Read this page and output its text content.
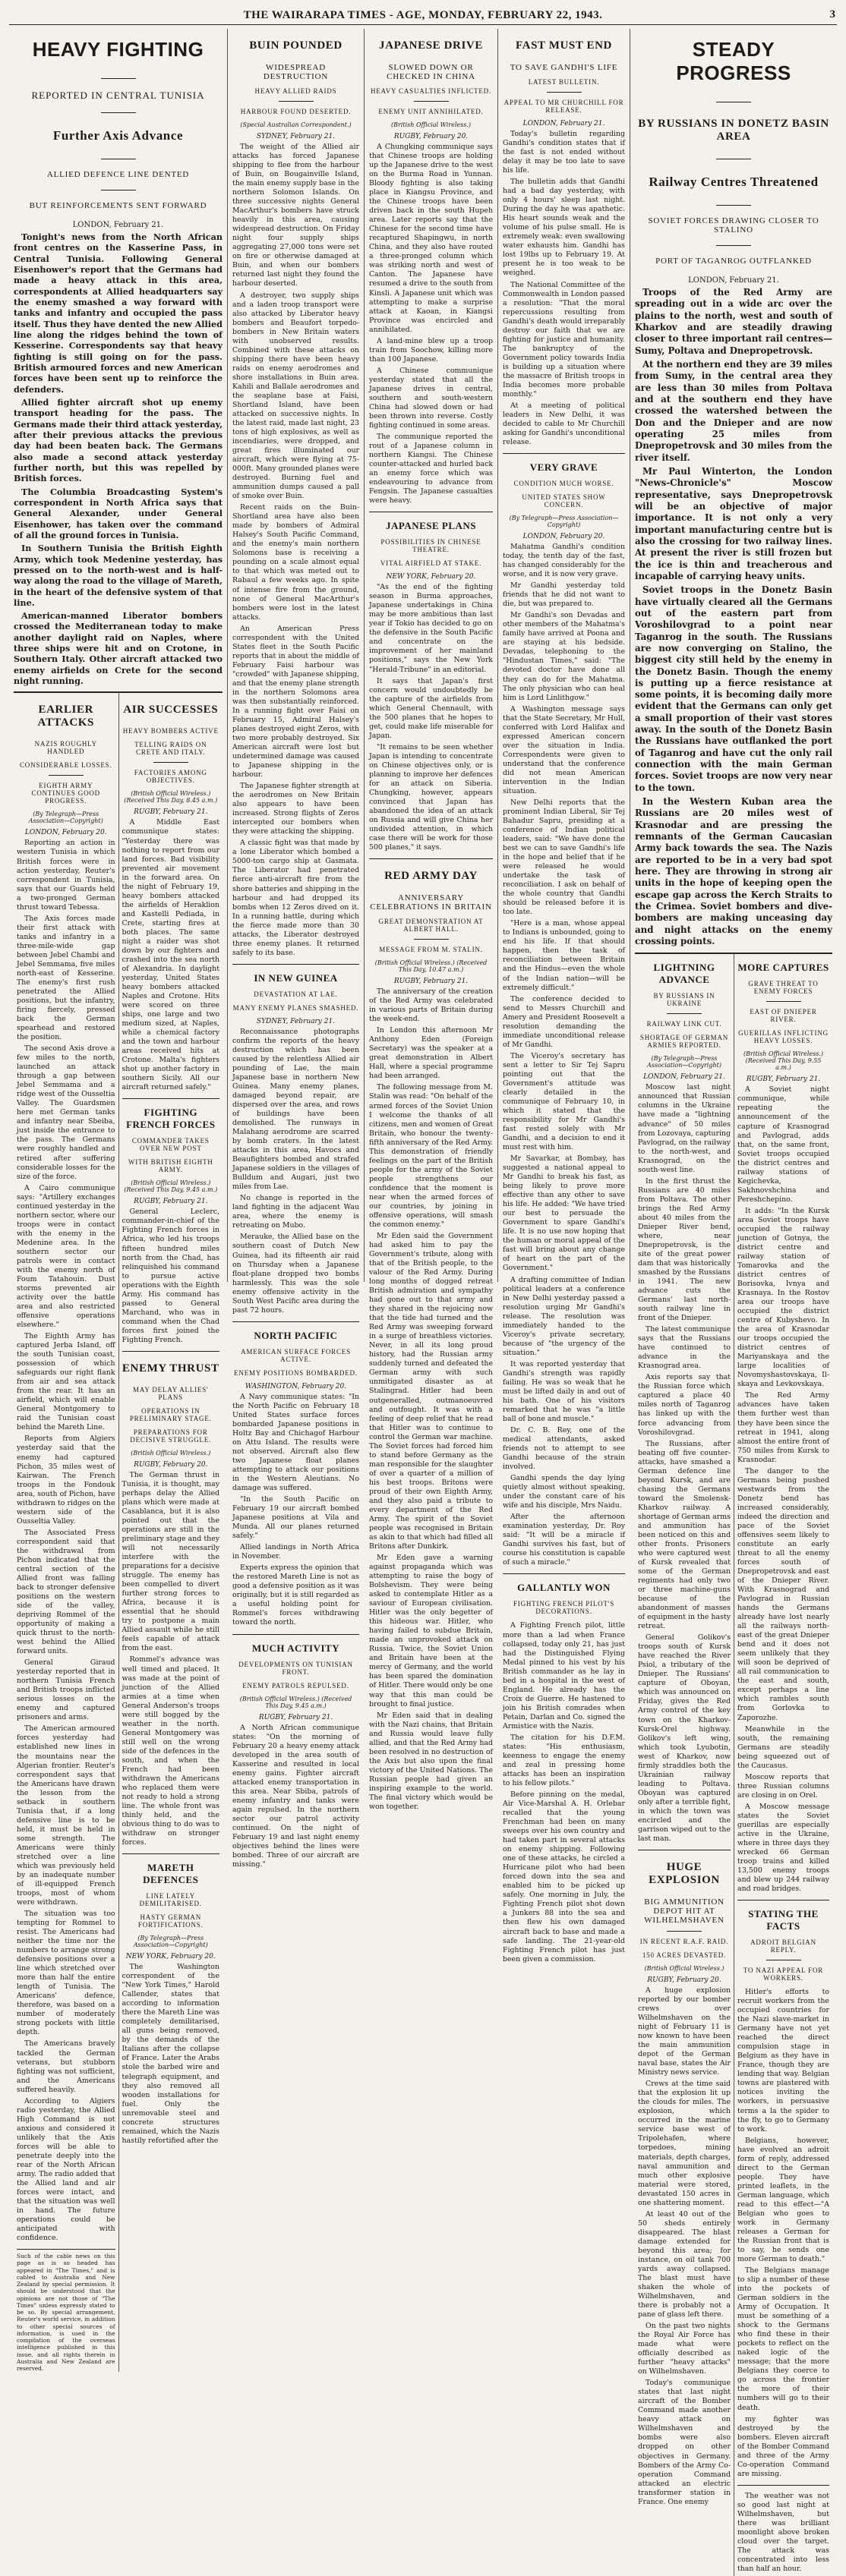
THE WAIRARAPA TIMES - AGE, MONDAY, FEBRUARY 22, 1943.	3
HEAVY FIGHTING
REPORTED IN CENTRAL TUNISIA
Further Axis Advance
ALLIED DEFENCE LINE DENTED
BUT REINFORCEMENTS SENT FORWARD
LONDON, February 21.

Tonight's news from the North African front centres on the Kasserine Pass, in Central Tunisia. Following General Eisenhower's report that the Germans had made a heavy attack in this area, correspondents at Allied headquarters say the enemy smashed a way forward with tanks and infantry and occupied the pass itself. Thus they have dented the new Allied line along the ridges behind the town of Kesserine. Correspondents say that heavy fighting is still going on for the pass. British armoured forces and new American forces have been sent up to reinforce the defenders.

Allied fighter aircraft shot up enemy transport heading for the pass. The Germans made their third attack yesterday, after their previous attacks the previous day had been beaten back. The Germans also made a second attack yesterday further north, but this was repelled by British forces.

The Columbia Broadcasting System's correspondent in North Africa says that General Alexander, under General Eisenhower, has taken over the command of all the ground forces in Tunisia.

In Southern Tunisia the British Eighth Army, which took Medenine yesterday, has pressed on to the north-west and is half-way along the road to the village of Mareth, in the heart of the defensive system of that line.

American-manned Liberator bombers crossed the Mediterranean today to make another daylight raid on Naples, where three ships were hit and on Crotone, in Southern Italy. Other aircraft attacked two enemy airfields on Crete for the second night running.

EARLIER ATTACKS
NAZIS ROUGHLY HANDLED
CONSIDERABLE LOSSES.
EIGHTH ARMY CONTINUES GOOD PROGRESS.
(By Telegraph—Press Association—Copyright)
LONDON, February 20.

Reporting an action in western Tunisia in which British forces were in action yesterday, Reuter's correspondent in Tunisia, says that our Guards held a two-pronged German thrust toward Tebessa.

The Axis forces made their first attack with tanks and infantry in a three-mile-wide gap between Jebel Chambi and Jebel Semmama, five miles north-east of Kesserine. The enemy's first rush penetrated the Allied positions, but the infantry, firing fiercely, pressed back the German spearhead and restored the position.

The second Axis drove a few miles to the north, launched an attack through a gap between Jebel Semmama and a ridge west of the Ousseltia Valley. The Guardsmen here met German tanks and infantry near Sbeiba, just inside the entrance to the pass. The Germans were roughly handled and retired after suffering considerable losses for the size of the force.

A Cairo communique says: "Artillery exchanges continued yesterday in the northern sector, where our troops were in contact with the enemy in the Medenine area. In the southern sector our patrols were in contact with the enemy north of Foum Tatahouin. Dust storms prevented air activity over the battle area and also restricted offensive operations elsewhere."

The Eighth Army has captured Jerba Island, off the south Tunisian coast, possession of which safeguards our right flank from air and sea attack from the rear. It has an airfield, which will enable General Montgomery to raid the Tunisian coast behind the Mareth Line.

Reports from Algiers yesterday said that the enemy had captured Pichon, 35 miles west of Kairwan. The French troops in the Fondouk area, south of Pichon, have withdrawn to ridges on the western side of the Ousseltia Valley.

The Associated Press correspondent said that the withdrawal from Pichon indicated that the central section of the Allied front was falling back to stronger defensive positions on the western side of the valley, depriving Rommel of the opportunity of making a quick thrust to the north-west behind the Allied forward units.

General Giraud yesterday reported that in northern Tunisia French and British troops inflicted serious losses on the enemy and captured prisoners and arms.

The American armoured forces yesterday had established new lines in the mountains near the Algerian frontier. Reuter's correspondent says that the Americans have drawn the lesson from the setback in southern Tunisia that, if a long defensive line is to be held, it must be held in some strength. The Americans were thinly stretched over a line which was previously held by an inadequate number of ill-equipped French troops, most of whom were withdrawn.

The situation was too tempting for Rommel to resist. The Americans had neither the time nor the numbers to arrange strong defensive positions over a line which stretched over more than half the entire length of Tunisia. The Americans' defence, therefore, was based on a number of moderately strong pockets with little depth.

The Americans bravely tackled the German veterans, but stubborn fighting was not sufficient, and the Americans suffered heavily.

According to Algiers radio yesterday, the Allied High Command is not anxious and considered it unlikely that the Axis forces will be able to penetrate deeply into the rear of the North African army. The radio added that the Allied land and air forces were intact, and that the situation was well in hand. The future operations could be anticipated with confidence.

Such of the cable news on this page as is so headed has appeared in "The Times," and is cabled to Australia and New Zealand by special permission. It should be understood that the opinions are not those of "The Times" unless expressly stated to be so. By special arrangement, Reuter's world service, in addition to other special sources of information, is used in the compilation of the overseas intelligence published in this issue, and all rights therein in Australia and New Zealand are reserved.
AIR SUCCESSES
HEAVY BOMBERS ACTIVE
TELLING RAIDS ON CRETE AND ITALY.
FACTORIES AMONG OBJECTIVES.
(British Official Wireless.) (Received This Day, 8.45 a.m.)
RUGBY, February 21.

A Middle East communique states: "Yesterday there was nothing to report from our land forces. Bad visibility prevented air movement in the forward area. On the night of February 19, heavy bombers attacked the airfields of Heraklion and Kastelli Pediada, in Crete, starting fires at both places. The same night a raider was shot down by our fighters and crashed into the sea north of Alexandria. In daylight yesterday, United States heavy bombers attacked Naples and Crotone. Hits were scored on three ships, one large and two medium sized, at Naples, while a chemical factory and the town and harbour areas received hits at Crotone. Malta's fighters shot up another factory in southern Sicily. All our aircraft returned safely."

FIGHTING FRENCH FORCES
COMMANDER TAKES OVER NEW POST
WITH BRITISH EIGHTH ARMY.
(British Official Wireless.) (Received This Day, 9.45 a.m.)
RUGBY, February 21.

General Leclerc, commander-in-chief of the Fighting French forces in Africa, who led his troops fifteen hundred miles north from the Chad, has relinquished his command to pursue active operations with the Eighth Army. His command has passed to General Marchand, who was in command when the Chad forces first joined the Fighting French.

ENEMY THRUST
MAY DELAY ALLIES' PLANS
OPERATIONS IN PRELIMINARY STAGE.
PREPARATIONS FOR DECISIVE STRUGGLE.
(British Official Wireless.)
RUGBY, February 20.

The German thrust in Tunisia, it is thought, may perhaps delay the Allied plans which were made at Casablanca, but it is also pointed out that the operations are still in the preliminary stage and they will not necessarily interfere with the preparations for a decisive struggle. The enemy has been compelled to divert further strong forces to Africa, because it is essential that he should try to postpone a main Allied assault while he still feels capable of attack from the east.

Rommel's advance was well timed and placed. It was made at the point of junction of the Allied armies at a time when General Anderson's troops were still bogged by the weather in the north. General Montgomery was still well on the wrong side of the defences in the south, and when the French had been withdrawn the Americans who replaced them were not ready to hold a strong line. The whole front was thinly held, and the obvious thing to do was to withdraw on stronger forces.

MARETH DEFENCES
LINE LATELY DEMILITARISED.
HASTY GERMAN FORTIFICATIONS.
(By Telegraph—Press Association—Copyright)
NEW YORK, February 20.

The Washington correspondent of the "New York Times," Harold Callender, states that according to information there the Mareth Line was completely demilitarised, all guns being removed, by the demands of the Italians after the collapse of France. Later the Arabs stole the barbed wire and telegraph equipment, and they also removed all wooden installations for fuel. Only the unremovable steel and concrete structures remained, which the Nazis hastily refortified after the

BUIN POUNDED
WIDESPREAD DESTRUCTION
HEAVY ALLIED RAIDS
HARBOUR FOUND DESERTED.
(Special Australian Correspondent.)
SYDNEY, February 21.

The weight of the Allied air attacks has forced Japanese shipping to flee from the harbour of Buin, on Bougainville Island, the main enemy supply base in the northern Solomon Islands. On three successive nights General MacArthur's bombers have struck heavily in this area, causing widespread destruction. On Friday night four supply ships aggregating 27,000 tons were set on fire or otherwise damaged at Buin, and when our bombers returned last night they found the harbour deserted.

A destroyer, two supply ships and a laden troop transport were also attacked by Liberator heavy bombers and Beaufort torpedo-bombers in New Britain waters with unobserved results. Combined with these attacks on shipping there have been heavy raids on enemy aerodromes and shore installations in Buin area. Kahili and Ballale aerodromes and the seaplane base at Faisi, Shortland Island, have been attacked on successive nights. In the latest raid, made last night, 23 tons of high explosives, as well as incendiaries, were dropped, and great fires illuminated our aircraft, which were flying at 75-000ft. Many grounded planes were destroyed. Burning fuel and ammunition dumps caused a pall of smoke over Buin.

Recent raids on the Buin-Shortland area have also been made by bombers of Admiral Halsey's South Pacific Command, and the enemy's main northern Solomons base is receiving a pounding on a scale almost equal to that which was meted out to Rabaul a few weeks ago. In spite of intense fire from the ground, none of General MacArthur's bombers were lost in the latest attacks.

An American Press correspondent with the United States fleet in the South Pacific reports that in about the middle of February Faisi harbour was "crowded" with Japanese shipping, and that the enemy plane strength in the northern Solomons area was then substantially reinforced. In a running fight over Faisi on February 15, Admiral Halsey's planes destroyed eight Zeros, with two more probably destroyed. Six American aircraft were lost but undetermined damage was caused to Japanese shipping in the harbour.

The Japanese fighter strength at the aerodromes on New Britain also appears to have been increased. Strong flights of Zeros intercepted our bombers when they were attacking the shipping.

A classic fight was that made by a lone Liberator which bombed a 5000-ton cargo ship at Gasmata. The Liberator had penetrated fierce anti-aircraft fire from the shore batteries and shipping in the harbour and had dropped its bombs when 12 Zeros dived on it. In a running battle, during which the fierce made more than 30 attacks, the Liberator destroyed three enemy planes. It returned safely to its base.

IN NEW GUINEA
DEVASTATION AT LAE.
MANY ENEMY PLANES SMASHED.
SYDNEY, February 21.

Reconnaissance photographs confirm the reports of the heavy destruction which has been caused by the relentless Allied air pounding of Lae, the main Japanese base in northern New Guinea. Many enemy planes, damaged beyond repair, are dispersed over the area, and rows of buildings have been demolished. The runways in Malahang aerodrome are scarred by bomb craters. In the latest attacks in this area, Havocs and Beaufighters bombed and strafed Japanese soldiers in the villages of Bulldum and Augari, just two miles from Lae.

No change is reported in the land fighting in the adjacent Wau area, where the enemy is retreating on Mubo.

Merauke, the Allied base on the southern coast of Dutch New Guinea, had its fifteenth air raid on Thursday when a Japanese float-plane dropped two bombs harmlessly. This was the sole enemy offensive activity in the South West Pacific area during the past 72 hours.

NORTH PACIFIC
AMERICAN SURFACE FORCES ACTIVE.
ENEMY POSITIONS BOMBARDED.
WASHINGTON, February 20.

A Navy communique states: "In the North Pacific on February 18 United States surface forces bombarded Japanese positions in Holtz Bay and Chichagof Harbour on Attu Island. The results were not observed. Aircraft also flew two Japanese float planes attempting to attack our positions in the Western Aleutians. No damage was suffered.

"In the South Pacific on February 19 our aircraft bombed Japanese positions at Vila and Munda. All our planes returned safely."

Allied landings in North Africa in November.

Experts express the opinion that the restored Mareth Line is not as good a defensive position as it was originally, but it is still regarded as a useful holding point for Rommel's forces withdrawing toward the north.

MUCH ACTIVITY
DEVELOPMENTS ON TUNISIAN FRONT.
ENEMY PATROLS REPULSED.
(British Official Wireless.) (Received This Day, 9.45 a.m.)
RUGBY, February 21.

A North African communique states: "On the morning of February 20 a heavy enemy attack developed in the area south of Kasserine and resulted in local enemy gains. Fighter aircraft attacked enemy transportation in this area. Near Sbiba, patrols of enemy infantry and tanks were again repulsed. In the northern sector our patrol activity continued. On the night of February 19 and last night enemy objectives behind the lines were bombed. Three of our aircraft are missing."

JAPANESE DRIVE
SLOWED DOWN OR CHECKED IN CHINA
HEAVY CASUALTIES INFLICTED.
ENEMY UNIT ANNIHILATED.
(British Official Wireless.)
RUGBY, February 20.

A Chungking communique says that Chinese troops are holding up the Japanese drive to the west on the Burma Road in Yunnan. Bloody fighting is also taking place in Kiangsu Province, and the Chinese troops have been driven back in the south Hupeh area. Later reports say that the Chinese for the second time have recaptured Shapingwu, in north China, and they also have routed a three-pronged column which was striking north and west of Canton. The Japanese have resumed a drive to the south from Kinsli. A Japanese unit which was attempting to make a surprise attack at Kaoan, in Kiangsi Province was encircled and annihilated.

A land-mine blew up a troop train from Soochow, killing more than 100 Japanese.

A Chinese communique yesterday stated that all the Japanese drives in central, southern and south-western China had slowed down or had been thrown into reverse. Costly fighting continued in some areas.

The communique reported the rout of a Japanese column in northern Kiangsi. The Chinese counter-attacked and hurled back an enemy force which was endeavouring to advance from Fengsin. The Japanese casualties were heavy.

JAPANESE PLANS
POSSIBILITIES IN CHINESE THEATRE.
VITAL AIRFIELD AT STAKE.
NEW YORK, February 20.

"As the end of the fighting season in Burma approaches, Japanese undertakings in China may be more ambitious than last year if Tokio has decided to go on the defensive in the South Pacific and concentrate on the improvement of her mainland positions," says the New York "Herald-Tribune" in an editorial.

It says that Japan's first concern would undoubtedly be the capture of the airfields from which General Chennault, with the 500 planes that he hopes to get, could make life miserable for Japan.

"It remains to be seen whether Japan is intending to concentrate on Chinese objectives only, or is planning to improve her defences for an attack on Siberia. Chungking, however, appears convinced that Japan has abandoned the idea of an attack on Russia and will give China her undivided attention, in which case there will be work for those 500 planes," it says.

RED ARMY DAY
ANNIVERSARY CELEBRATIONS IN BRITAIN
GREAT DEMONSTRATION AT ALBERT HALL.
MESSAGE FROM M. STALIN.
(British Official Wireless.) (Received This Day, 10.47 a.m.)
RUGBY, February 21.

The anniversary of the creation of the Red Army was celebrated in various parts of Britain during the week-end.

In London this afternoon Mr Anthony Eden (Foreign Secretary) was the speaker at a great demonstration in Albert Hall, where a special programme had been arranged.

The following message from M. Stalin was read: "On behalf of the armed forces of the Soviet Union I welcome the thanks of all citizens, men and women of Great Britain, who honour the twenty-fifth anniversary of the Red Army. This demonstration of friendly feelings on the part of the British people for the army of the Soviet people strengthens our confidence that the moment is near when the armed forces of our countries, by joining in offensive operations, will smash the common enemy."

Mr Eden said the Government had asked him to pay the Government's tribute, along with that of the British people, to the valour of the Red Army. During long months of dogged retreat British admiration and sympathy had gone out to that army and they shared in the rejoicing now that the tide had turned and the Red Army was sweeping forward in a surge of breathless victories. Never, in all its long proud history, had the Russian army suddenly turned and defeated the German army with such unmitigated disaster as at Stalingrad. Hitler had been outgeneralled, outmanoeuvred and outfought. It was with a feeling of deep relief that he read that Hitler was to continue to control the German war machine. The Soviet forces had forced him to stand before Germany as the man responsible for the slaughter of over a quarter of a million of his best troops. Britons were proud of their own Eighth Army, and they also paid a tribute to every department of the Red Army. The spirit of the Soviet people was recognised in Britain as akin to that which had filled all Britons after Dunkirk.

Mr Eden gave a warning against propaganda which was attempting to raise the bogy of Bolshevism. They were being asked to contemplate Hitler as a saviour of European civilisation. Hitler was the only begetter of this hideous war. Hitler, who having failed to subdue Britain, made an unprovoked attack on Russia. Twice, the Soviet Union and Britain have been at the mercy of Germany, and the world has been spared the domination of Hitler. There would only be one way that this man could be brought to final justice.

Mr Eden said that in dealing with the Nazi chains, that Britain and Russia would leave fully allied, and that the Red Army had been resolved in no destruction of the Axis but also upon the final victory of the United Nations. The Russian people had given an inspiring example to the world. The final victory which would be won together.

FAST MUST END
TO SAVE GANDHI'S LIFE
LATEST BULLETIN.
APPEAL TO MR CHURCHILL FOR RELEASE.
LONDON, February 21.

Today's bulletin regarding Gandhi's condition states that if the fast is not ended without delay it may be too late to save his life.

The bulletin adds that Gandhi had a bad day yesterday, with only 4 hours' sleep last night. During the day he was apathetic. His heart sounds weak and the volume of his pulse small. He is extremely weak: even swallowing water exhausts him. Gandhi has lost 19lbs up to February 19. At present he is too weak to be weighed.

The National Committee of the Commonwealth in London passed a resolution: "That the moral repercussions resulting from Gandhi's death would irreparably destroy our faith that we are fighting for justice and humanity. The bankruptcy of the Government policy towards India is building up a situation where the massacre of British troops in India becomes more probable monthly."

At a meeting of political leaders in New Delhi, it was decided to cable to Mr Churchill asking for Gandhi's unconditional release.

VERY GRAVE
CONDITION MUCH WORSE.
UNITED STATES SHOW CONCERN.
(By Telegraph—Press Association—Copyright)
LONDON, February 20.

Mahatma Gandhi's condition today, the tenth day of the fast, has changed considerably for the worse, and it is now very grave.

Mr Gandhi yesterday told friends that he did not want to die, but was prepared to.

Mr Gandhi's son Devadas and other members of the Mahatma's family have arrived at Poona and are staying at his bedside. Devadas, telephoning to the "Hindustan Times," said: "The devoted doctor have done all they can do for the Mahatma. The only physician who can heal him is Lord Linlithgow."

A Washington message says that the State Secretary, Mr Hull, conferred with Lord Halifax and expressed American concern over the situation in India. Correspondents were given to understand that the conference did not mean American intervention in the Indian situation.

New Delhi reports that the prominent Indian Liberal, Sir Tej Bahadur Sapru, presiding at a conference of Indian political leaders, said: "We have done the best we can to save Gandhi's life in the hope and belief that if he were released he would undertake the task of reconciliation. I ask on behalf of the whole country that Gandhi should be released before it is too late.

"Here is a man, whose appeal to Indians is unbounded, going to end his life. If that should happen, then the task of reconciliation between Britain and the Hindus—even the whole of the Indian nation—will be extremely difficult."

The conference decided to send to Messrs Churchill and Amery and President Roosevelt a resolution demanding the immediate unconditional release of Mr Gandhi.

The Viceroy's secretary has sent a letter to Sir Tej Sapru pointing out that the Government's attitude was clearly detailed in the communique of February 10, in which it stated that the responsibility for Mr Gandhi's fast rested solely with Mr Gandhi, and a decision to end it must rest with him.

Mr Savarkar, at Bombay, has suggested a national appeal to Mr Gandhi to break his fast, as being likely to prove more effective than any other to save his life. He added: "We have tried our best to persuade the Government to spare Gandhi's life. It is no use now hoping that the human or moral appeal of the fast will bring about any change of heart on the part of the Government."

A drafting committee of Indian political leaders at a conference in New Delhi yesterday passed a resolution urging Mr Gandhi's release. The resolution was immediately handed to the Viceroy's private secretary, because of "the urgency of the situation."

It was reported yesterday that Gandhi's strength was rapidly failing. He was so weak that he must be lifted daily in and out of his bath. One of his visitors remarked that he was "a little ball of bone and muscle."

Dr. C. B. Rey, one of the medical attendants, asked friends not to attempt to see Gandhi because of the strain involved.

Gandhi spends the day lying quietly almost without speaking, under the constant care of his wife and his disciple, Mrs Naidu.

After the afternoon examination yesterday, Dr. Roy said: "It will be a miracle if Gandhi survives his fast, but of course his constitution is capable of such a miracle."

GALLANTLY WON
FIGHTING FRENCH PILOT'S DECORATIONS.

A Fighting French pilot, little more than a lad when France collapsed, today only 21, has just had the Distinguished Flying Medal pinned to his vest by his British commander as he lay in bed in a hospital in the west of England. He already has the Croix de Guerre. He hastened to join his British comrades when Petain, Darlan and Co. signed the Armistice with the Nazis.

The citation for his D.F.M. states: "His enthusiasm, keenness to engage the enemy and zeal in pressing home attacks has been an inspiration to his fellow pilots."

Before pinning on the medal, Air Vice-Marshal A. H. Orlebar recalled that the young Frenchman had been on many sweeps over his own country and had taken part in several attacks on enemy shipping. Following one of these attacks, he circled a Hurricane pilot who had been forced down into the sea and enabled him to be picked up safely. One morning in July, the Fighting French pilot shot down a Junkers 88 into the sea and then flew his own damaged aircraft back to base and made a safe landing. The 21-year-old Fighting French pilot has just been given a commission.

STEADY PROGRESS
BY RUSSIANS IN DONETZ BASIN AREA
Railway Centres Threatened
SOVIET FORCES DRAWING CLOSER TO STALINO
PORT OF TAGANROG OUTFLANKED
LONDON, February 21.

Troops of the Red Army are spreading out in a wide arc over the plains to the north, west and south of Kharkov and are steadily drawing closer to three important rail centres—Sumy, Poltava and Dnepropetrovsk.

At the northern end they are 39 miles from Sumy, in the central area they are less than 30 miles from Poltava and at the southern end they have crossed the watershed between the Don and the Dnieper and are now operating 25 miles from Dnepropetrovsk and 30 miles from the river itself.

Mr Paul Winterton, the London "News-Chronicle's" Moscow representative, says Dnepropetrovsk will be an objective of major importance. It is not only a very important manufacturing centre but is also the crossing for two railway lines. At present the river is still frozen but the ice is thin and treacherous and incapable of carrying heavy units.

Soviet troops in the Donetz Basin have virtually cleared all the Germans out of the eastern part from Voroshilovgrad to a point near Taganrog in the south. The Russians are now converging on Stalino, the biggest city still held by the enemy in the Donetz Basin. Though the enemy is putting up a fierce resistance at some points, it is becoming daily more evident that the Germans can only get a small proportion of their vast stores away. In the south of the Donetz Basin the Russians have outflanked the port of Taganrog and have cut the only rail connection with the main German forces. Soviet troops are now very near to the town.

In the Western Kuban area the Russians are 20 miles west of Krasnodar and are pressing the remnants of the German Caucasian Army back towards the sea. The Nazis are reported to be in a very bad spot here. They are throwing in strong air units in the hope of keeping open the escape gap across the Kerch Straits to the Crimea. Soviet bombers and dive-bombers are making unceasing day and night attacks on the enemy crossing points.

LIGHTNING ADVANCE
BY RUSSIANS IN UKRAINE
RAILWAY LINK CUT.
SHORTAGE OF GERMAN ARMIES REPORTED.
(By Telegraph—Press Association—Copyright)
LONDON, February 21.

Moscow last night announced that Russian columns in the Ukraine have made a "lightning advance" of 50 miles from Lozovaya, capturing Pavlograd, on the railway to the north-west, and Krasnograd, on the south-west line.

In the first thrust the Russians are 40 miles from Poltava. The other brings the Red Army about 40 miles from the Dnieper River bend, where, near Dnepropetrovsk, is the site of the great power dam that was historically smashed by the Russians in 1941. The new advance cuts the Germans' last north-south railway line in front of the Dnieper.

The latest communique says that the Russians have continued to advance in the Krasnograd area.

Axis reports say that the Russian force which captured a place 40 miles north of Taganrog has linked up with the force advancing from Voroshilovgrad.

The Russians, after beating off five counter-attacks, have smashed a German defence line beyond Kursk, and are chasing the Germans toward the Smolensk-Kharkov railway. A shortage of German arms and ammunition has been noticed on this and other fronts. Prisoners who were captured west of Kursk revealed that some of the German regiments had only two or three machine-guns because of the abandonment of masses of equipment in the hasty retreat.

General Golikov's troops south of Kursk have reached the River Psiol, a tributary of the Dnieper. The Russians' capture of Oboyan, which was announced on Friday, gives the Red Army control of the key town on the Kharkov-Kursk-Orel highway. Golikov's left wing, which took Lyubotin, west of Kharkov, now firmly straddles both the Ukrainian railway leading to Poltava. Oboyan was captured only after a terrible fight, in which the town was encircled and the garrison wiped out to the last man.

HUGE EXPLOSION
BIG AMMUNITION DEPOT HIT AT WILHELMSHAVEN
IN RECENT R.A.F. RAID.
150 ACRES DEVASTED.
(British Official Wireless.)
RUGBY, February 20.

A huge explosion reported by our bomber crews over Wilhelmshaven on the night of February 11 is now known to have been the main ammunition depot of the German naval base, states the Air Ministry news service.

Crews at the time said that the explosion lit up the clouds for miles. The explosion, which occurred in the marine service base west of Tripolehafen, where torpedoes, mining materials, depth charges, naval ammunition and much other explosive material were stored, devastated 150 acres in one shattering moment.

At least 40 out of the 50 sheds entirely disappeared. The blast damage extended for beyond this area; for instance, on oil tank 700 yards away collapsed. The blast must have shaken the whole of Wilhelmshaven, and there is probably not a pane of glass left there.

On the past two nights the Royal Air Force has made what were officially described as further "heavy attacks" on Wilhelmshaven.

Today's communique states that last night aircraft of the Bomber Command made another heavy attack on Wilhelmshaven and bombs were also dropped on other objectives in Germany. Bombers of the Army Co-operation Command attacked an electric transformer station in France. One enemy

MORE CAPTURES
GRAVE THREAT TO ENEMY FORCES
EAST OF DNIEPER RIVER.
GUERILLAS INFLICTING HEAVY LOSSES.
(British Official Wireless.) (Received This Day, 9.55 a.m.)
RUGBY, February 21.

A Soviet night communique, while repeating the announcement of the capture of Krasnograd and Pavlograd, adds that, on the same front, Soviet troops occupied the district centres and railway stations of Kegichevka, Sakhnovshchina and Pereshchepino.

It adds: "In the Kursk area Soviet troops have occupied the railway junction of Gotnya, the district centre and railway station of Tomarovka and the district centres of Borisovka, Ivnya and Krasnaya. In the Rostov area our troops have occupied the district centre of Kubyshevo. In the area of Krasnodar our troops occupied the district centres of Mariyanskaya and the large localities of Novomyshastovskaya, Il-skaya and Levkovskaya.

The Red Army advances have taken them further west than they have been since the retreat in 1941, along almost the entire front of 750 miles from Kursk to Krasnodar.

The danger to the Germans being pushed westwards from the Donetz bend has increased considerably, indeed the direction and pace of the Soviet offensives seem likely to constitute an early threat to all the enemy forces south of Dnepropetrovsk and east of the Dnieper River. With Krasnograd and Pavlograd in Russian hands the Germans already have lost nearly all the railways north-east of the great Dnieper bend and it does not seem unlikely that they will soon be deprived of all rail communication to the east and south, except perhaps a line which rambles south from Gorlovka to Zaporozhe.

Meanwhile in the south, the remaining Germans are steadily being squeezed out of the Caucasus.

Moscow reports that three Russian columns are closing in on Orel.

A Moscow message states the Soviet guerillas are especially active in the Ukraine, where in three days they wrecked 66 German troop trains and killed 13,500 enemy troops and blew up 244 railway and road bridges.

STATING THE FACTS
ADROIT BELGIAN REPLY.
TO NAZI APPEAL FOR WORKERS.

Hitler's efforts to recruit workers from the occupied countries for the Nazi slave-market in Germany have not yet reached the direct compulsion stage in Belgium as they have in France, though they are lending that way. Belgian towns are plastered with notices inviting the workers, in persuasive terms a la the spider to the fly, to go to Germany to work.

Belgians, however, have evolved an adroit form of reply, addressed direct to the German people. They have printed leaflets, in the German language, which read to this effect—"A Belgian who goes to work in Germany releases a German for the Russian front that is to say, he sends one more German to death."

The Belgians manage to slip a number of these into the pockets of German soldiers in the Army of Occupation. It must be something of a shock to the Germans who find these in their pockets to reflect on the naked logic of the message; that the more Belgians they coerce to go across the frontier the more of their numbers will go to their death.

my fighter was destroyed by the bombers. Eleven aircraft of the Bomber Command and three of the Army Co-operation Command are missing.

The weather was not so good last night at Wilhelmshaven, but there was brilliant moonlight above broken cloud over the target. The attack was concentrated into less than half an hour.
